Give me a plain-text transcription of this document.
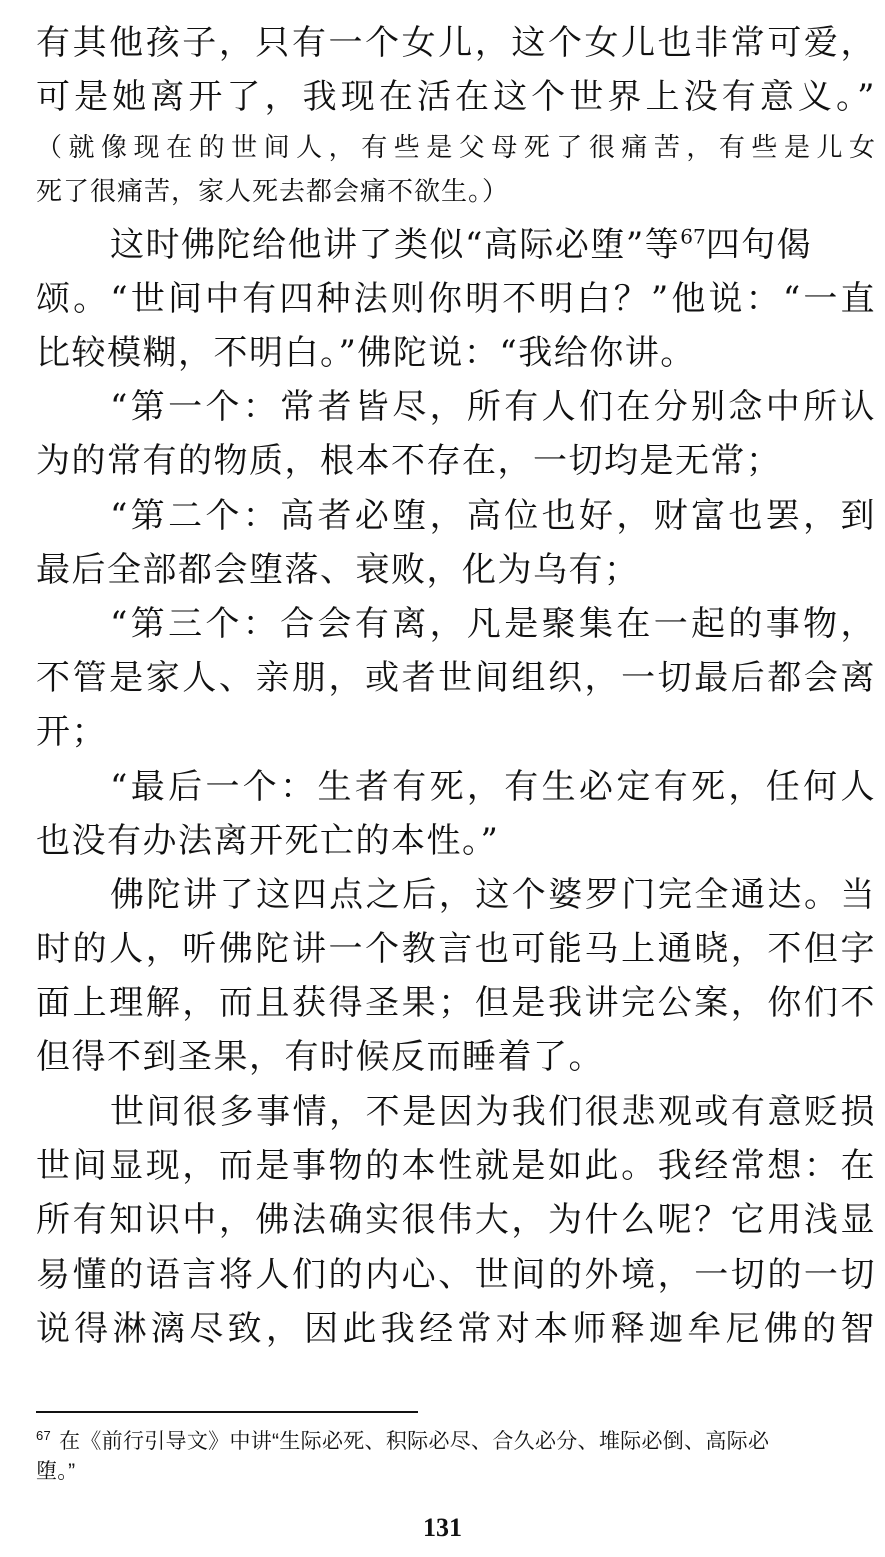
有其他孩子，只有一个女儿，这个女儿也非常可爱，
可是她离开了，我现在活在这个世界上没有意义。”
（就像现在的世间人，有些是父母死了很痛苦，有些是儿女
死了很痛苦，家人死去都会痛不欲生。）
这时佛陀给他讲了类似“高际必堕”等$^{67}$四句偈
颂。“世间中有四种法则你明不明白？”他说：“一直
比较模糊，不明白。”佛陀说：“我给你讲。
“第一个：常者皆尽，所有人们在分别念中所认
为的常有的物质，根本不存在，一切均是无常；
“第二个：高者必堕，高位也好，财富也罢，到
最后全部都会堕落、衰败，化为乌有；
“第三个：合会有离，凡是聚集在一起的事物，
不管是家人、亲朋，或者世间组织，一切最后都会离
开；
“最后一个：生者有死，有生必定有死，任何人
也没有办法离开死亡的本性。”
佛陀讲了这四点之后，这个婆罗门完全通达。当
时的人，听佛陀讲一个教言也可能马上通晓，不但字
面上理解，而且获得圣果；但是我讲完公案，你们不
但得不到圣果，有时候反而睡着了。
世间很多事情，不是因为我们很悲观或有意贬损
世间显现，而是事物的本性就是如此。我经常想：在
所有知识中，佛法确实很伟大，为什么呢？它用浅显
易懂的语言将人们的内心、世间的外境，一切的一切
说得淋漓尽致，因此我经常对本师释迦牟尼佛的智
$^{67}$ 在《前行引导文》中讲“生际必死、积际必尽、合久必分、堆际必倒、高际必
堕。”
131
